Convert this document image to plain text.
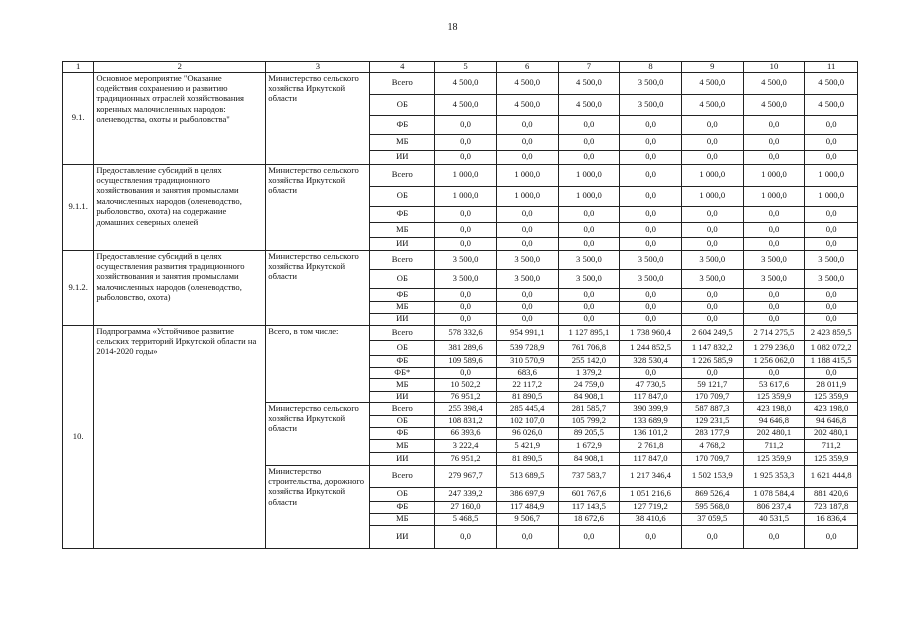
18
1	2	3	4	5	6	7	8	9	10	11
9.1.	Основное мероприятие "Оказание содействия сохранению и развитию традиционных отраслей хозяйствования коренных малочисленных народов: оленеводства, охоты и рыболовства"	Министерство сельского хозяйства Иркутской области	Всего	4 500,0	4 500,0	4 500,0	3 500,0	4 500,0	4 500,0	4 500,0
			ОБ	4 500,0	4 500,0	4 500,0	3 500,0	4 500,0	4 500,0	4 500,0
			ФБ	0,0	0,0	0,0	0,0	0,0	0,0	0,0
			МБ	0,0	0,0	0,0	0,0	0,0	0,0	0,0
			ИИ	0,0	0,0	0,0	0,0	0,0	0,0	0,0
9.1.1.	Предоставление субсидий в целях осуществления традиционного хозяйствования и занятия промыслами малочисленных народов (оленеводство, рыболовство, охота) на содержание домашних северных оленей	Министерство сельского хозяйства Иркутской области	Всего	1 000,0	1 000,0	1 000,0	0,0	1 000,0	1 000,0	1 000,0
			ОБ	1 000,0	1 000,0	1 000,0	0,0	1 000,0	1 000,0	1 000,0
			ФБ	0,0	0,0	0,0	0,0	0,0	0,0	0,0
			МБ	0,0	0,0	0,0	0,0	0,0	0,0	0,0
			ИИ	0,0	0,0	0,0	0,0	0,0	0,0	0,0
9.1.2.	Предоставление субсидий в целях осуществления развития традиционного хозяйствования и занятия промыслами малочисленных народов (оленеводство, рыболовство, охота)	Министерство сельского хозяйства Иркутской области	Всего	3 500,0	3 500,0	3 500,0	3 500,0	3 500,0	3 500,0	3 500,0
			ОБ	3 500,0	3 500,0	3 500,0	3 500,0	3 500,0	3 500,0	3 500,0
			ФБ	0,0	0,0	0,0	0,0	0,0	0,0	0,0
			МБ	0,0	0,0	0,0	0,0	0,0	0,0	0,0
			ИИ	0,0	0,0	0,0	0,0	0,0	0,0	0,0
10.	Подпрограмма «Устойчивое развитие сельских территорий Иркутской области на 2014-2020 годы»	Всего, в том числе:	Всего	578 332,6	954 991,1	1 127 895,1	1 738 960,4	2 604 249,5	2 714 275,5	2 423 859,5
			ОБ	381 289,6	539 728,9	761 706,8	1 244 852,5	1 147 832,2	1 279 236,0	1 082 072,2
			ФБ	109 589,6	310 570,9	255 142,0	328 530,4	1 226 585,9	1 256 062,0	1 188 415,5
			ФБ*	0,0	683,6	1 379,2	0,0	0,0	0,0	0,0
			МБ	10 502,2	22 117,2	24 759,0	47 730,5	59 121,7	53 617,6	28 011,9
			ИИ	76 951,2	81 890,5	84 908,1	117 847,0	170 709,7	125 359,9	125 359,9
		Министерство сельского хозяйства Иркутской области	Всего	255 398,4	285 445,4	281 585,7	390 399,9	587 887,3	423 198,0	423 198,0
			ОБ	108 831,2	102 107,0	105 799,2	133 689,9	129 231,5	94 646,8	94 646,8
			ФБ	66 393,6	96 026,0	89 205,5	136 101,2	283 177,9	202 480,1	202 480,1
			МБ	3 222,4	5 421,9	1 672,9	2 761,8	4 768,2	711,2	711,2
			ИИ	76 951,2	81 890,5	84 908,1	117 847,0	170 709,7	125 359,9	125 359,9
		Министерство строительства, дорожного хозяйства Иркутской области	Всего	279 967,7	513 689,5	737 583,7	1 217 346,4	1 502 153,9	1 925 353,3	1 621 444,8
			ОБ	247 339,2	386 697,9	601 767,6	1 051 216,6	869 526,4	1 078 584,4	881 420,6
			ФБ	27 160,0	117 484,9	117 143,5	127 719,2	595 568,0	806 237,4	723 187,8
			МБ	5 468,5	9 506,7	18 672,6	38 410,6	37 059,5	40 531,5	16 836,4
			ИИ	0,0	0,0	0,0	0,0	0,0	0,0	0,0
